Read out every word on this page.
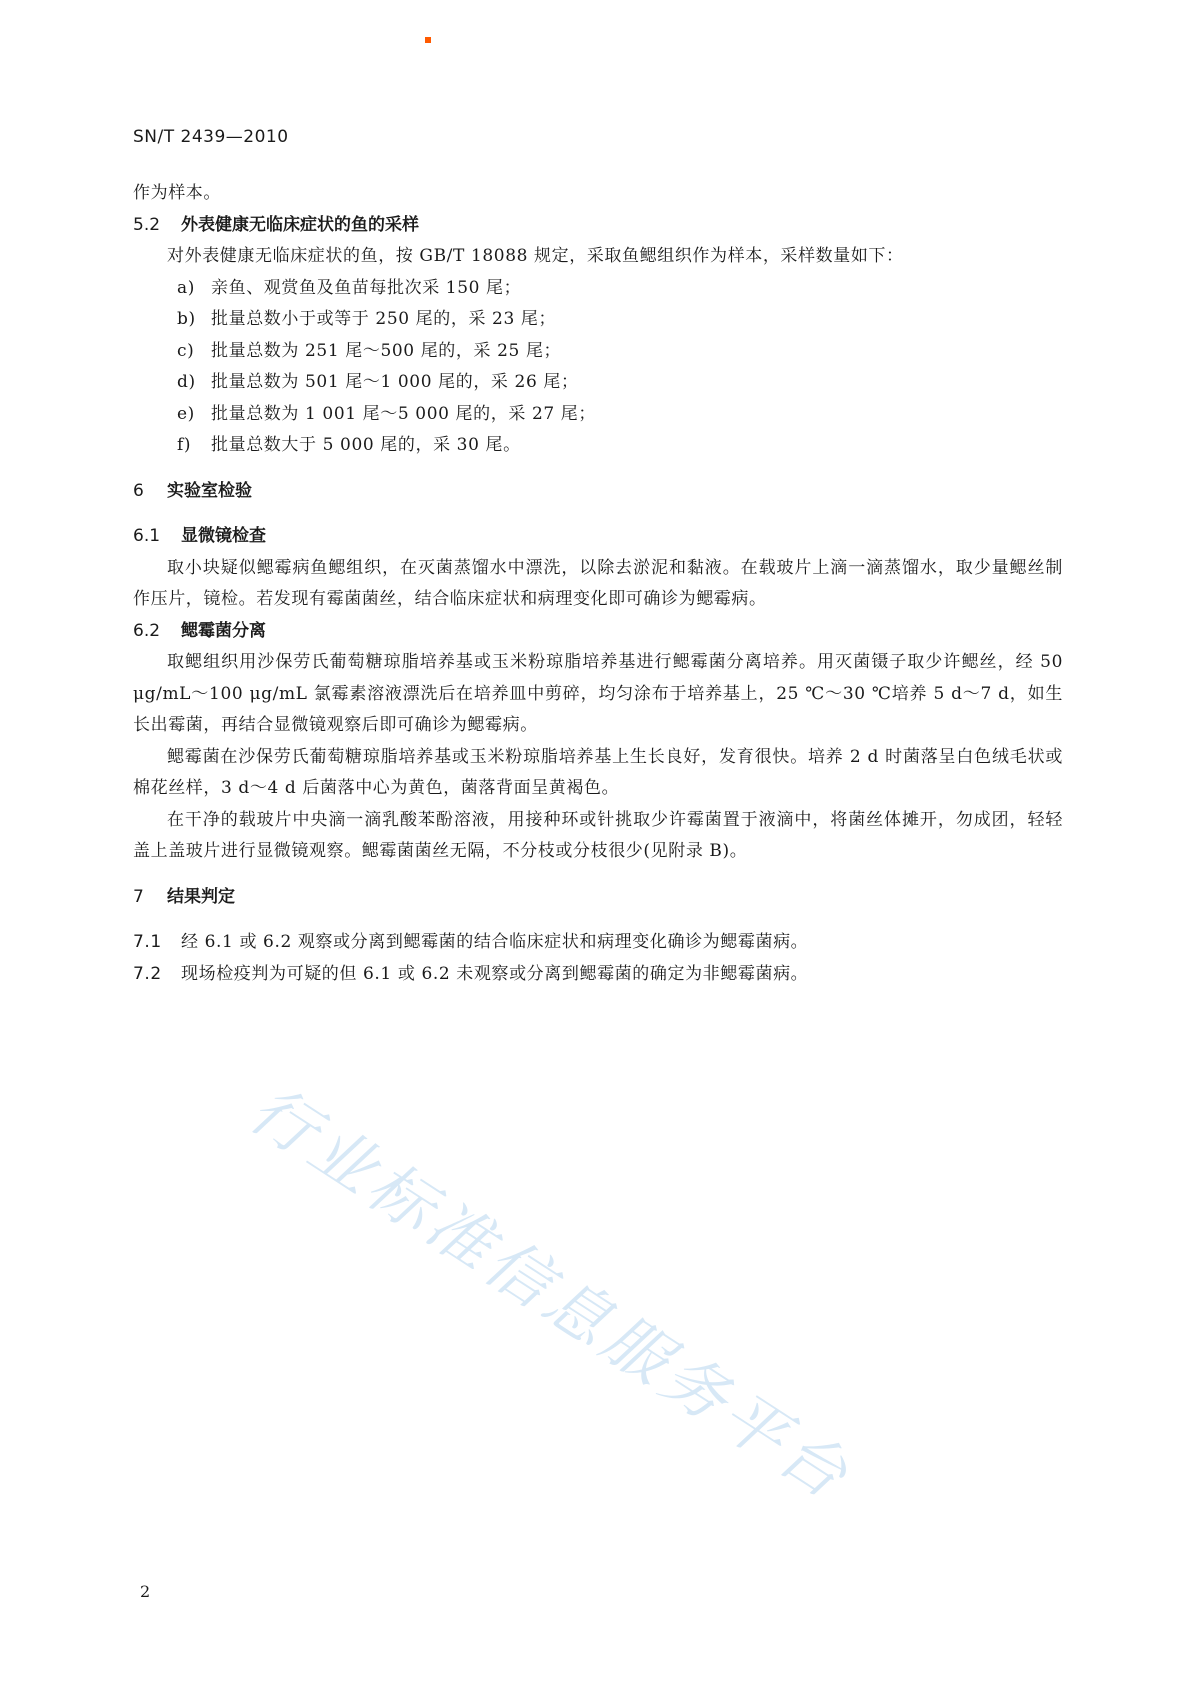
SN/T 2439—2010

作为样本。

5.2 外表健康无临床症状的鱼的采样

对外表健康无临床症状的鱼，按 GB/T 18088 规定，采取鱼鳃组织作为样本，采样数量如下：

a) 亲鱼、观赏鱼及鱼苗每批次采 150 尾；

b) 批量总数小于或等于 250 尾的，采 23 尾；

c) 批量总数为 251 尾～500 尾的，采 25 尾；

d) 批量总数为 501 尾～1 000 尾的，采 26 尾；

e) 批量总数为 1 001 尾～5 000 尾的，采 27 尾；

f) 批量总数大于 5 000 尾的，采 30 尾。

6 实验室检验

6.1 显微镜检查

取小块疑似鳃霉病鱼鳃组织，在灭菌蒸馏水中漂洗，以除去淤泥和黏液。在载玻片上滴一滴蒸馏水，取少量鳃丝制作压片，镜检。若发现有霉菌菌丝，结合临床症状和病理变化即可确诊为鳃霉病。

6.2 鳃霉菌分离

取鳃组织用沙保劳氏葡萄糖琼脂培养基或玉米粉琼脂培养基进行鳃霉菌分离培养。用灭菌镊子取少许鳃丝，经 50 μg/mL～100 μg/mL 氯霉素溶液漂洗后在培养皿中剪碎，均匀涂布于培养基上，25 ℃～30 ℃培养 5 d～7 d，如生长出霉菌，再结合显微镜观察后即可确诊为鳃霉病。

鳃霉菌在沙保劳氏葡萄糖琼脂培养基或玉米粉琼脂培养基上生长良好，发育很快。培养 2 d 时菌落呈白色绒毛状或棉花丝样，3 d～4 d 后菌落中心为黄色，菌落背面呈黄褐色。

在干净的载玻片中央滴一滴乳酸苯酚溶液，用接种环或针挑取少许霉菌置于液滴中，将菌丝体摊开，勿成团，轻轻盖上盖玻片进行显微镜观察。鳃霉菌菌丝无隔，不分枝或分枝很少(见附录 B)。

7 结果判定

7.1 经 6.1 或 6.2 观察或分离到鳃霉菌的结合临床症状和病理变化确诊为鳃霉菌病。

7.2 现场检疫判为可疑的但 6.1 或 6.2 未观察或分离到鳃霉菌的确定为非鳃霉菌病。

行业标准信息服务平台
2
